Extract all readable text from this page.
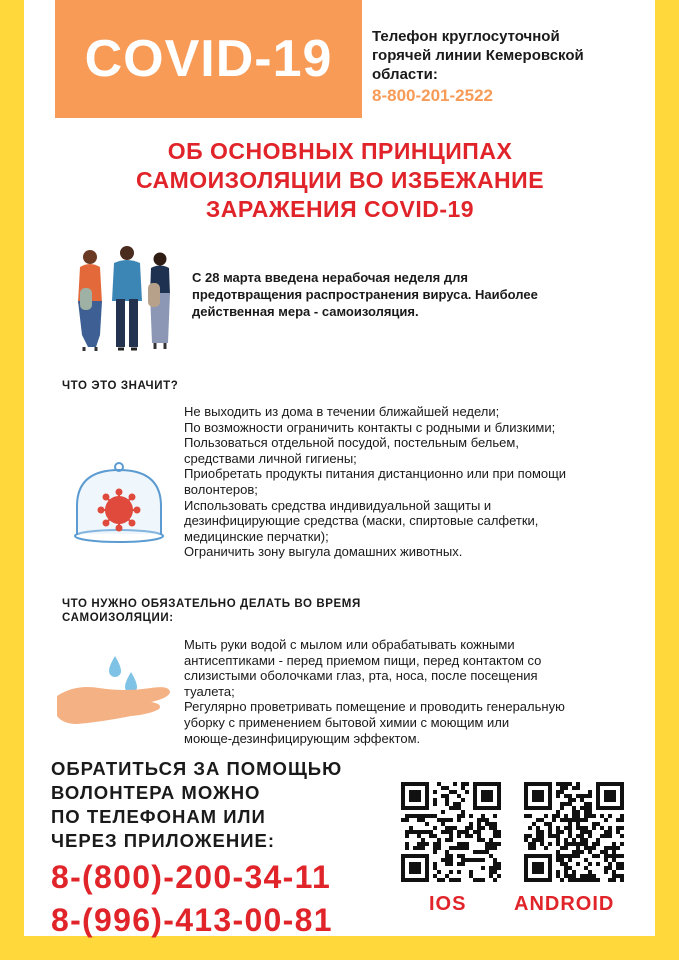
COVID-19	Телефон круглосуточной
горячей линии Кемеровской
области:
8-800-201-2522
ОБ ОСНОВНЫХ ПРИНЦИПАХ
САМОИЗОЛЯЦИИ ВО ИЗБЕЖАНИЕ
ЗАРАЖЕНИЯ COVID-19
С 28 марта введена нерабочая неделя для
предотвращения распространения вируса. Наиболее
действенная мера - самоизоляция.
ЧТО ЭТО ЗНАЧИТ?
Не выходить из дома в течении ближайшей недели;
По возможности ограничить контакты с родными и близкими;
Пользоваться отдельной посудой, постельным бельем,
средствами личной гигиены;
Приобретать продукты питания дистанционно или при помощи
волонтеров;
Использовать средства индивидуальной защиты и
дезинфицирующие средства (маски, спиртовые салфетки,
медицинские перчатки);
Ограничить зону выгула домашних животных.
ЧТО НУЖНО ОБЯЗАТЕЛЬНО ДЕЛАТЬ ВО ВРЕМЯ
САМОИЗОЛЯЦИИ:
Мыть руки водой с мылом или обрабатывать кожными
антисептиками - перед приемом пищи, перед контактом со
слизистыми оболочками глаз, рта, носа, после посещения
туалета;
Регулярно проветривать помещение и проводить генеральную
уборку с применением бытовой химии с моющим или
моюще-дезинфицирующим эффектом.
ОБРАТИТЬСЯ ЗА ПОМОЩЬЮ
ВОЛОНТЕРА МОЖНО
ПО ТЕЛЕФОНАМ ИЛИ
ЧЕРЕЗ ПРИЛОЖЕНИЕ:
8-(800)-200-34-11
8-(996)-413-00-81	IOS ANDROID
